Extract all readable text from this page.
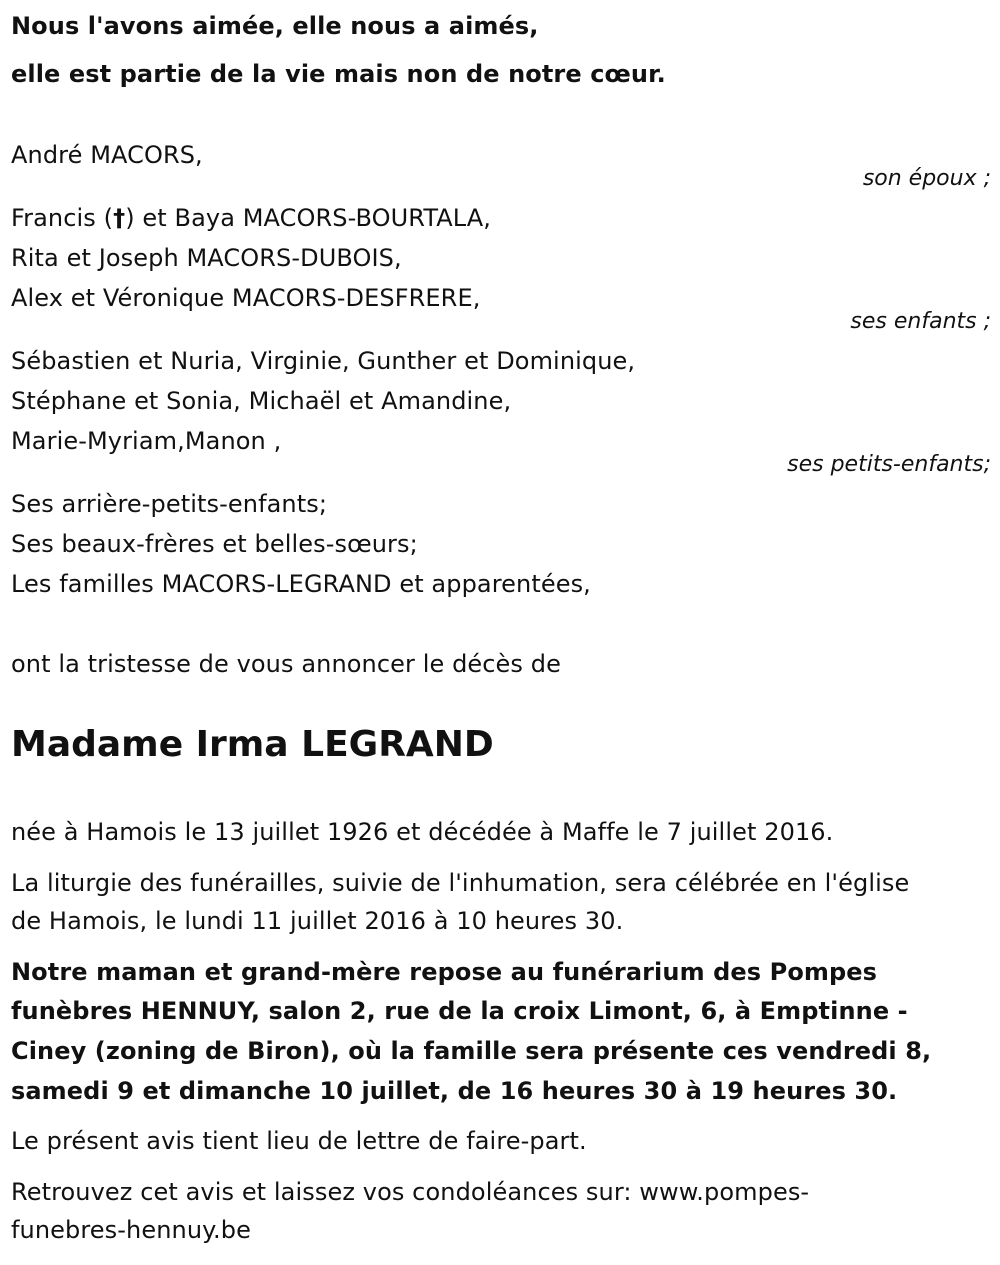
Nous l'avons aimée, elle nous a aimés,
elle est partie de la vie mais non de notre cœur.
André MACORS,
son époux ;
Francis (†) et Baya MACORS-BOURTALA,
Rita et Joseph MACORS-DUBOIS,
Alex et Véronique MACORS-DESFRERE,
ses enfants ;
Sébastien et Nuria, Virginie, Gunther et Dominique,
Stéphane et Sonia, Michaël et Amandine,
Marie-Myriam,Manon ,
ses petits-enfants;
Ses arrière-petits-enfants;
Ses beaux-frères et belles-sœurs;
Les familles MACORS-LEGRAND et apparentées,
ont la tristesse de vous annoncer le décès de
Madame Irma LEGRAND
née à Hamois le 13 juillet 1926 et décédée à Maffe le 7 juillet 2016.
La liturgie des funérailles, suivie de l'inhumation, sera célébrée en l'église
de Hamois, le lundi 11 juillet 2016 à 10 heures 30.
Notre maman et grand-mère repose au funérarium des Pompes
funèbres HENNUY, salon 2, rue de la croix Limont, 6, à Emptinne -
Ciney (zoning de Biron), où la famille sera présente ces vendredi 8,
samedi 9 et dimanche 10 juillet, de 16 heures 30 à 19 heures 30.
Le présent avis tient lieu de lettre de faire-part.
Retrouvez cet avis et laissez vos condoléances sur: www.pompes-
funebres-hennuy.be
